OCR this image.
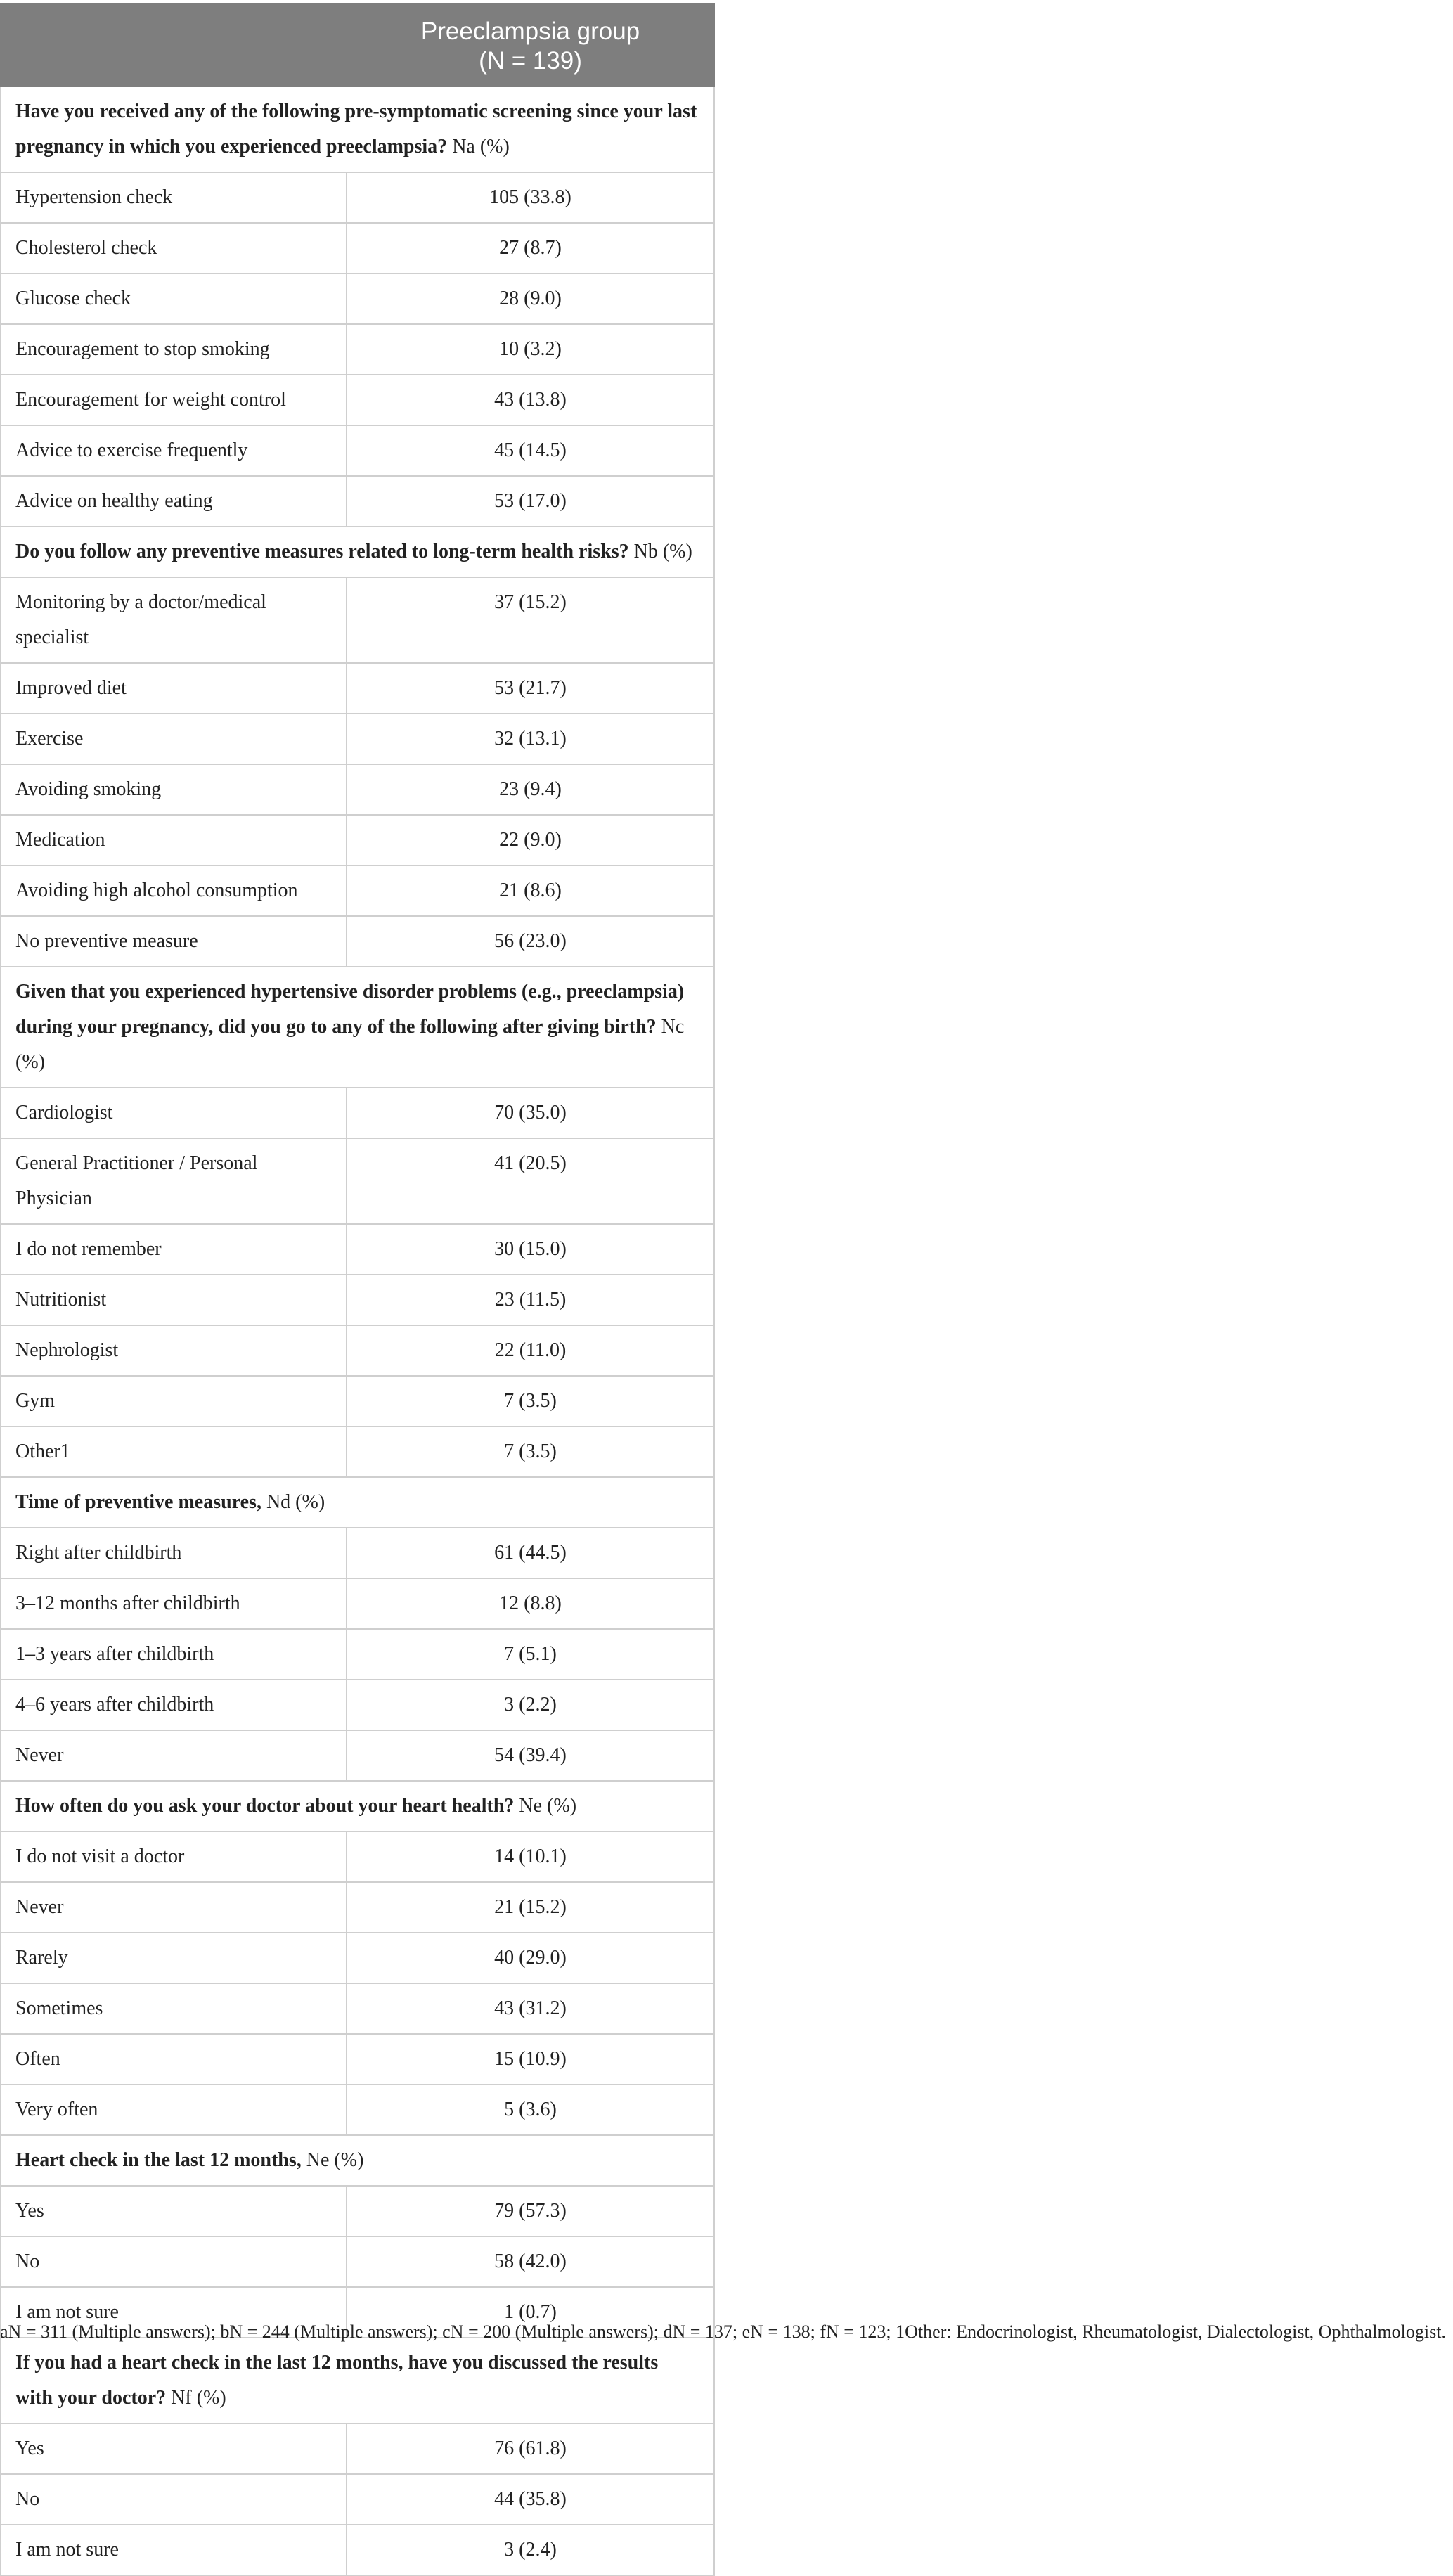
	Preeclampsia group
(N = 139)

Have you received any of the following pre-symptomatic screening since your last pregnancy in which you experienced preeclampsia? Na (%)	
Hypertension check	105 (33.8)
Cholesterol check	27 (8.7)
Glucose check	28 (9.0)
Encouragement to stop smoking	10 (3.2)
Encouragement for weight control	43 (13.8)
Advice to exercise frequently	45 (14.5)
Advice on healthy eating	53 (17.0)
Do you follow any preventive measures related to long-term health risks? Nb (%)	
Monitoring by a doctor/medical specialist	37 (15.2)
Improved diet	53 (21.7)
Exercise	32 (13.1)
Avoiding smoking	23 (9.4)
Medication	22 (9.0)
Avoiding high alcohol consumption	21 (8.6)
No preventive measure	56 (23.0)
Given that you experienced hypertensive disorder problems (e.g., preeclampsia) during your pregnancy, did you go to any of the following after giving birth? Nc (%)	
Cardiologist	70 (35.0)
General Practitioner / Personal Physician	41 (20.5)
I do not remember	30 (15.0)
Nutritionist	23 (11.5)
Nephrologist	22 (11.0)
Gym	7 (3.5)
Other1	7 (3.5)
Time of preventive measures, Nd (%)	
Right after childbirth	61 (44.5)
3–12 months after childbirth	12 (8.8)
1–3 years after childbirth	7 (5.1)
4–6 years after childbirth	3 (2.2)
Never	54 (39.4)
How often do you ask your doctor about your heart health? Ne (%)	
I do not visit a doctor	14 (10.1)
Never	21 (15.2)
Rarely	40 (29.0)
Sometimes	43 (31.2)
Often	15 (10.9)
Very often	5 (3.6)
Heart check in the last 12 months, Ne (%)	
Yes	79 (57.3)
No	58 (42.0)
I am not sure	1 (0.7)
If you had a heart check in the last 12 months, have you discussed the results with your doctor? Nf (%)	
Yes	76 (61.8)
No	44 (35.8)
I am not sure	3 (2.4)
aN = 311 (Multiple answers); bN = 244 (Multiple answers); cN = 200 (Multiple answers); dN = 137; eN = 138; fN = 123; 1Other: Endocrinologist, Rheumatologist, Dialectologist, Ophthalmologist.
